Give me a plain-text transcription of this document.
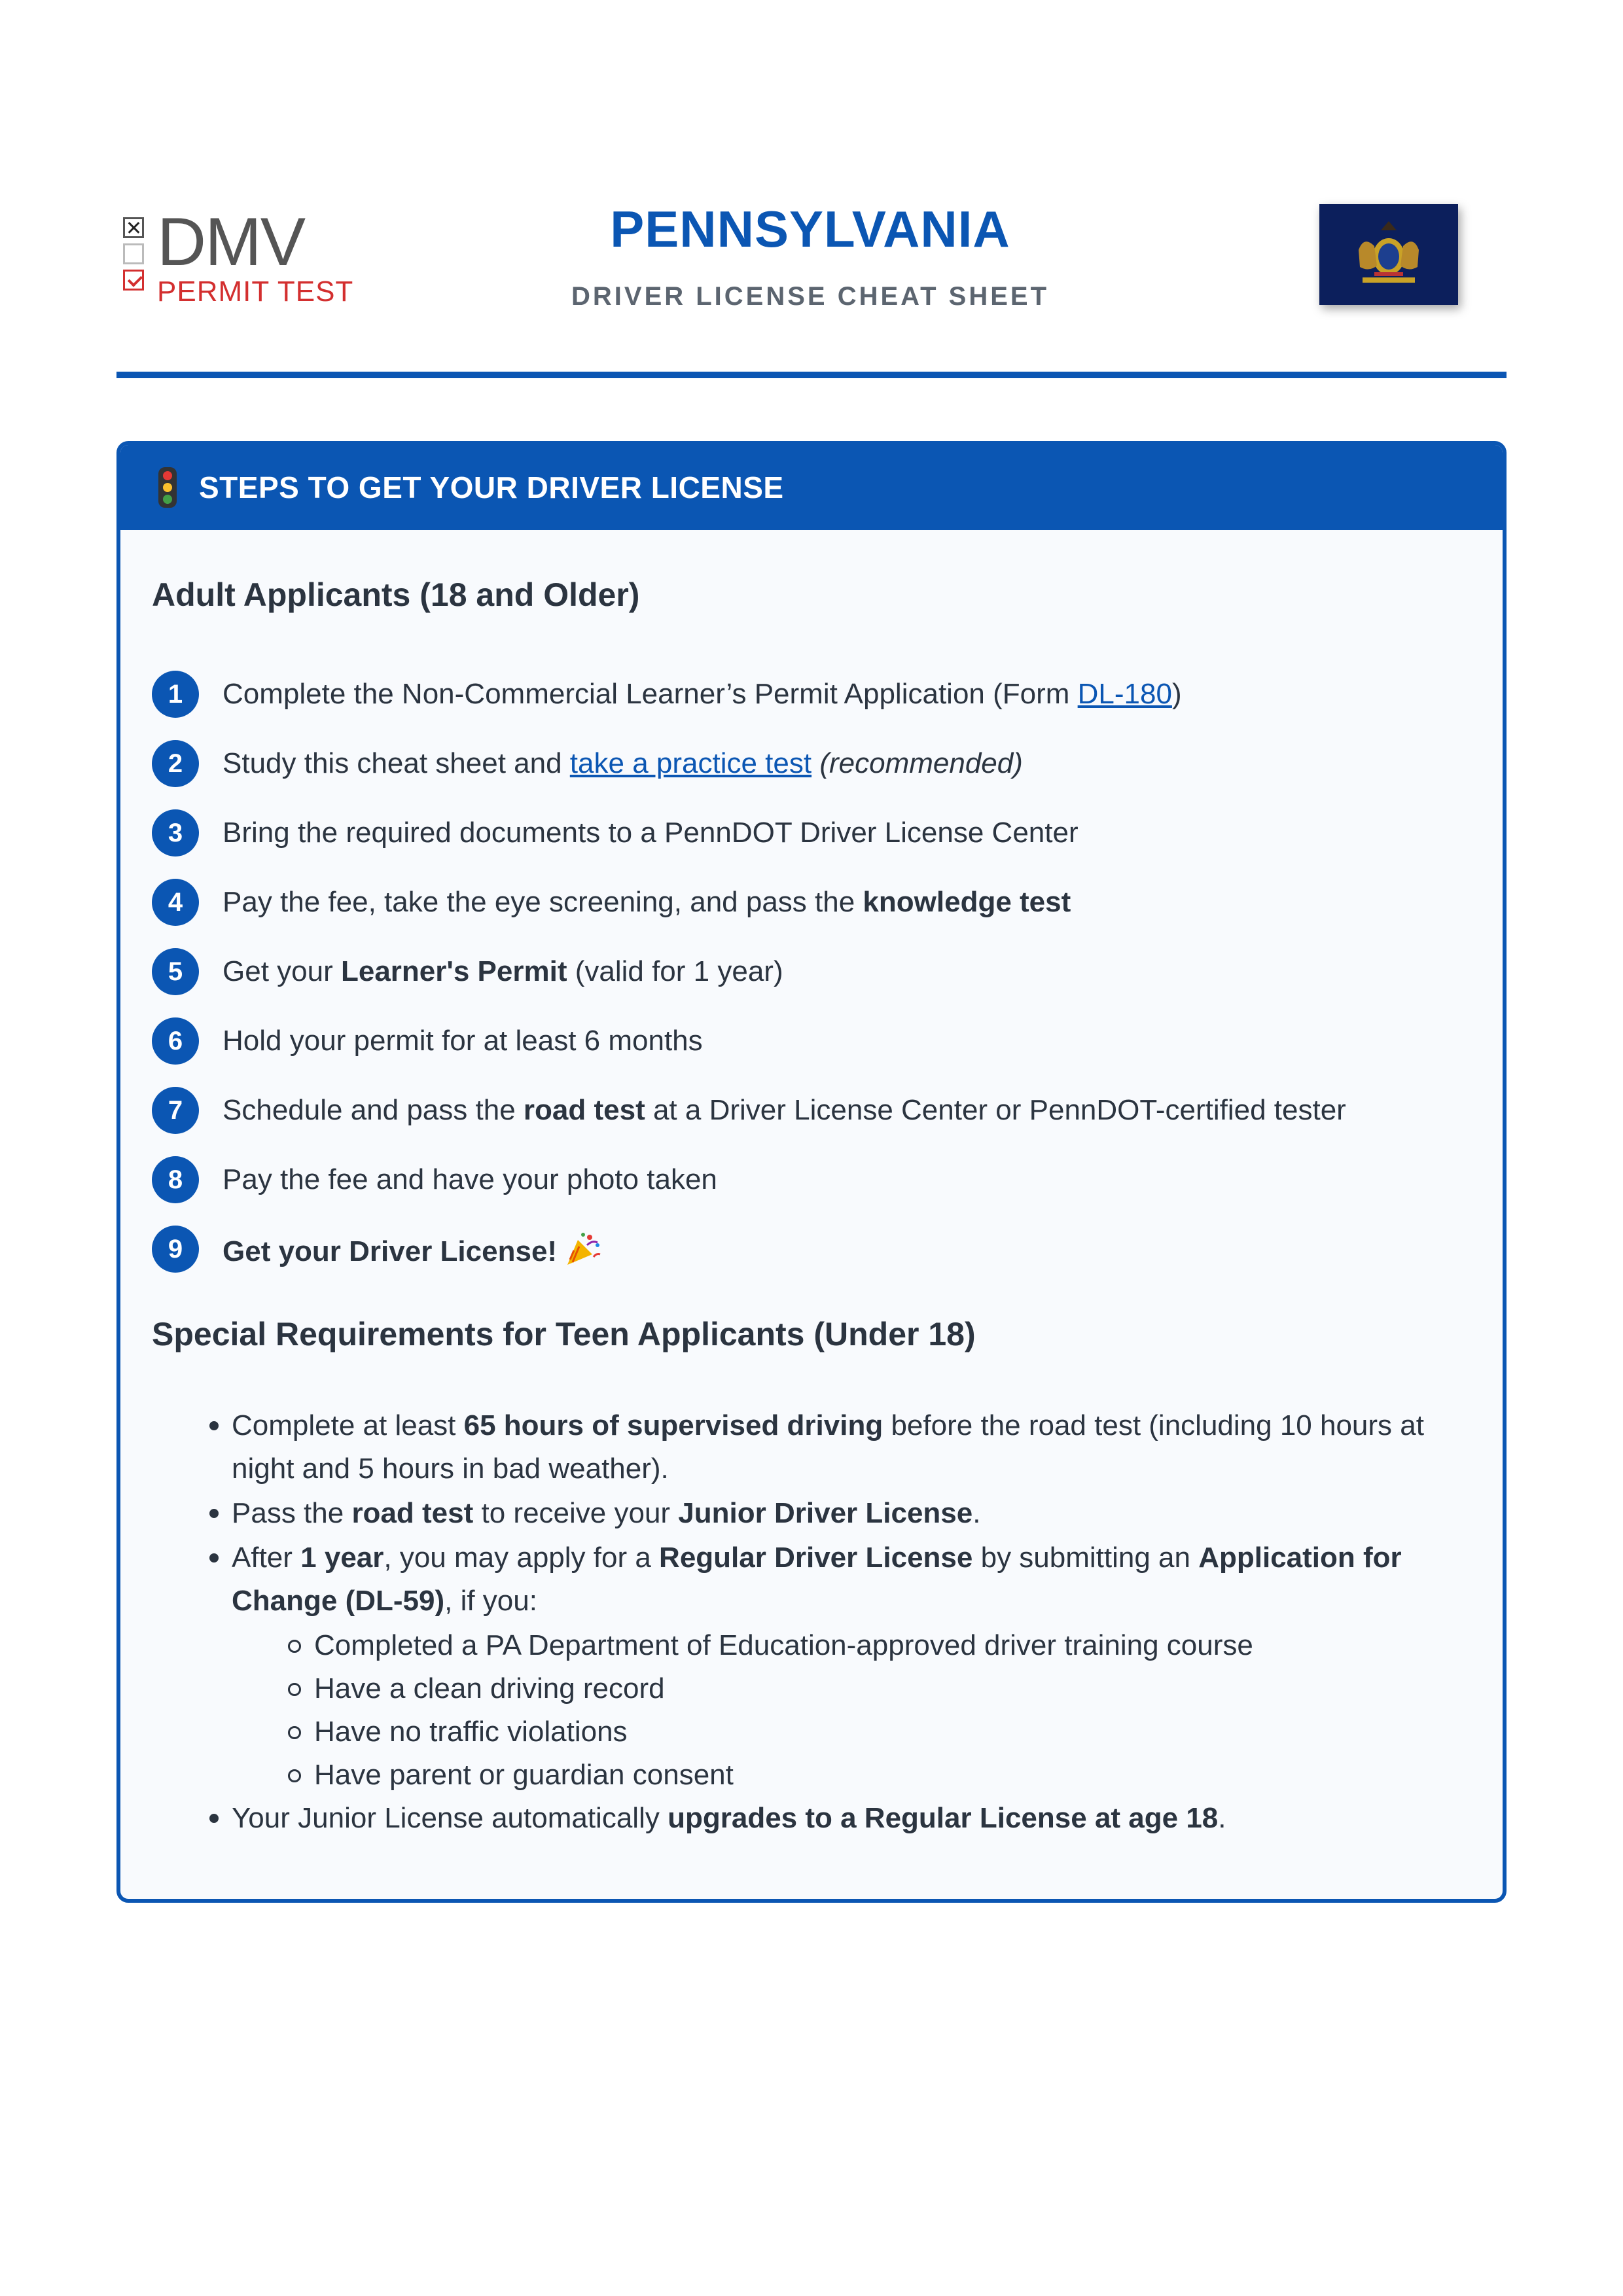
DMV
PERMIT TEST
PENNSYLVANIA
DRIVER LICENSE CHEAT SHEET
STEPS TO GET YOUR DRIVER LICENSE
Adult Applicants (18 and Older)
1	Complete the Non-Commercial Learner’s Permit Application (Form DL-180)
2	Study this cheat sheet and take a practice test (recommended)
3	Bring the required documents to a PennDOT Driver License Center
4	Pay the fee, take the eye screening, and pass the knowledge test
5	Get your Learner's Permit (valid for 1 year)
6	Hold your permit for at least 6 months
7	Schedule and pass the road test at a Driver License Center or PennDOT-certified tester
8	Pay the fee and have your photo taken
9	Get your Driver License!
Special Requirements for Teen Applicants (Under 18)
Complete at least 65 hours of supervised driving before the road test (including 10 hours at night and 5 hours in bad weather).
Pass the road test to receive your Junior Driver License.
After 1 year, you may apply for a Regular Driver License by submitting an Application for Change (DL-59), if you:
Completed a PA Department of Education-approved driver training course
Have a clean driving record
Have no traffic violations
Have parent or guardian consent
Your Junior License automatically upgrades to a Regular License at age 18.
